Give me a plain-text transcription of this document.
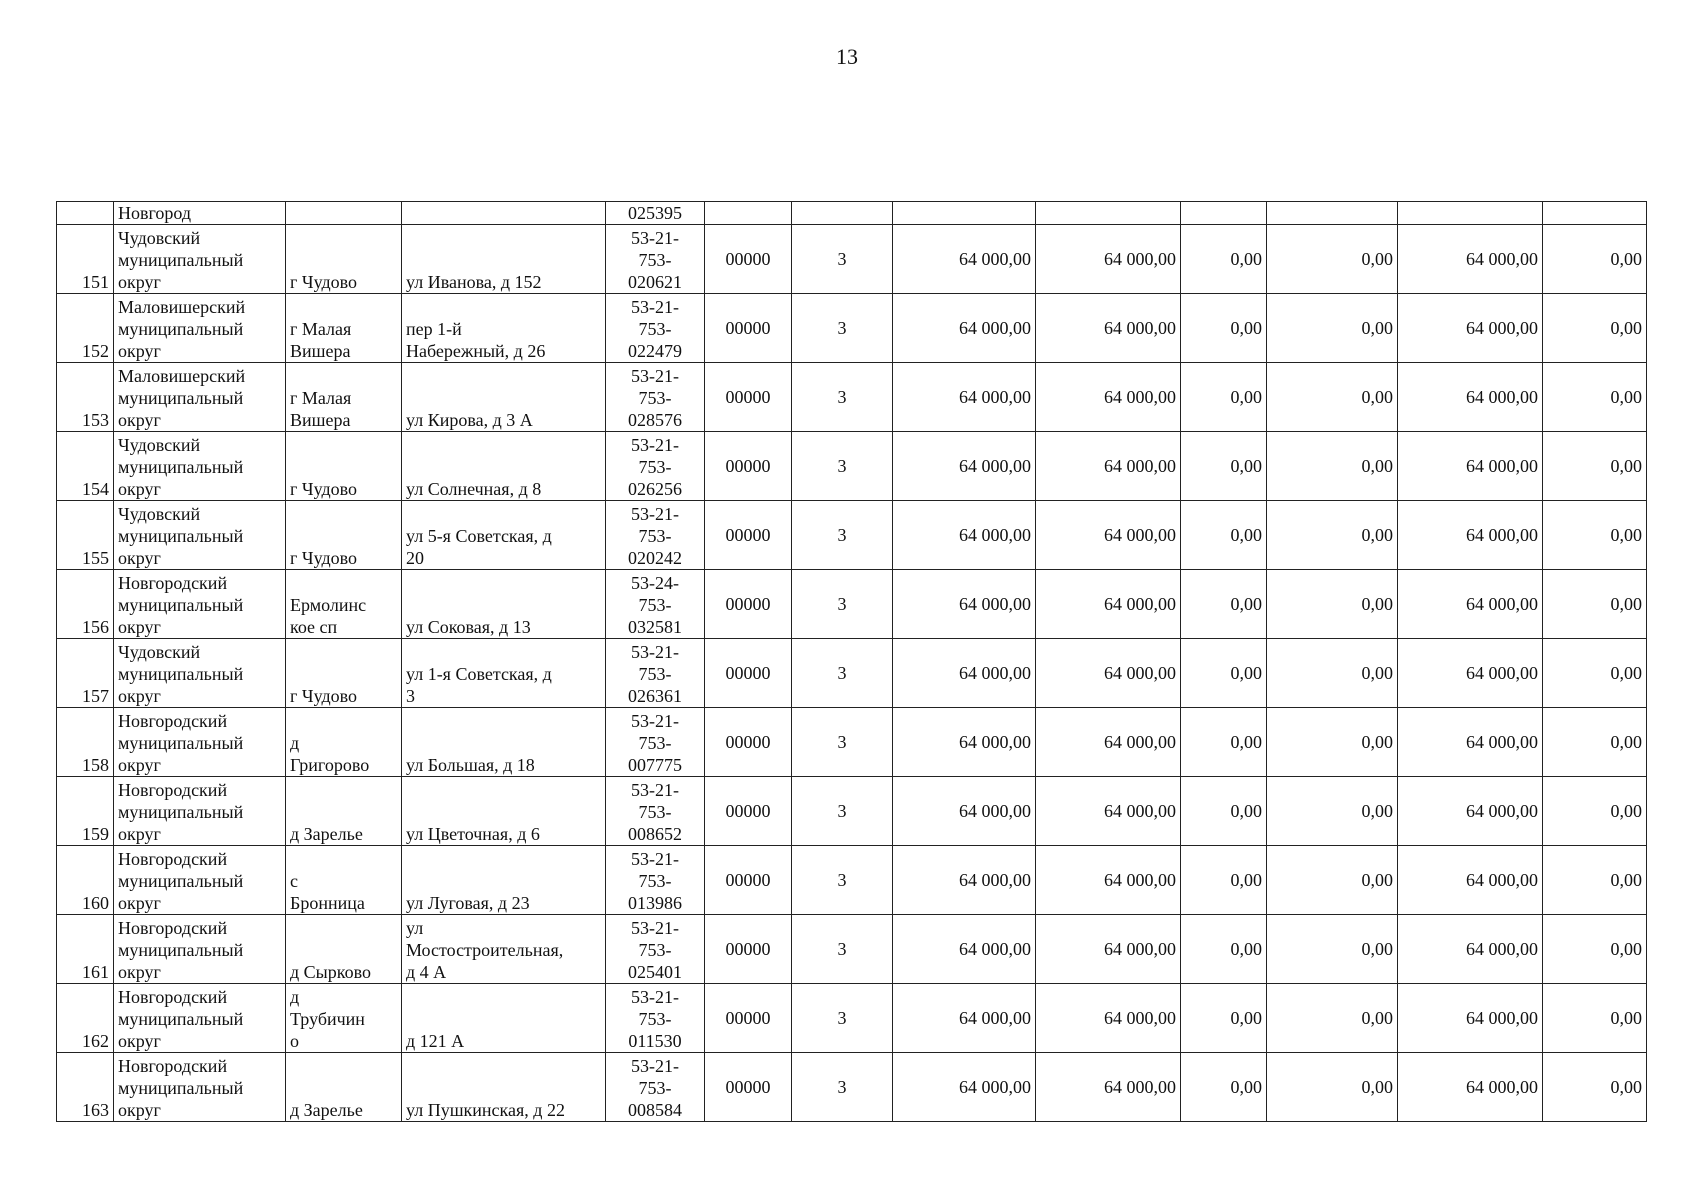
13
	Новгород			025395								
151	Чудовский
муниципальный
округ	г Чудово	ул Иванова, д 152	53-21-
753-
020621	00000	3	64 000,00	64 000,00	0,00	0,00	64 000,00	0,00
152	Маловишерский
муниципальный
округ	г Малая
Вишера	пер 1-й
Набережный, д 26	53-21-
753-
022479	00000	3	64 000,00	64 000,00	0,00	0,00	64 000,00	0,00
153	Маловишерский
муниципальный
округ	г Малая
Вишера	ул Кирова, д 3 А	53-21-
753-
028576	00000	3	64 000,00	64 000,00	0,00	0,00	64 000,00	0,00
154	Чудовский
муниципальный
округ	г Чудово	ул Солнечная, д 8	53-21-
753-
026256	00000	3	64 000,00	64 000,00	0,00	0,00	64 000,00	0,00
155	Чудовский
муниципальный
округ	г Чудово	ул 5-я Советская, д
20	53-21-
753-
020242	00000	3	64 000,00	64 000,00	0,00	0,00	64 000,00	0,00
156	Новгородский
муниципальный
округ	Ермолинс
кое сп	ул Соковая, д 13	53-24-
753-
032581	00000	3	64 000,00	64 000,00	0,00	0,00	64 000,00	0,00
157	Чудовский
муниципальный
округ	г Чудово	ул 1-я Советская, д
3	53-21-
753-
026361	00000	3	64 000,00	64 000,00	0,00	0,00	64 000,00	0,00
158	Новгородский
муниципальный
округ	д
Григорово	ул Большая, д 18	53-21-
753-
007775	00000	3	64 000,00	64 000,00	0,00	0,00	64 000,00	0,00
159	Новгородский
муниципальный
округ	д Зарелье	ул Цветочная, д 6	53-21-
753-
008652	00000	3	64 000,00	64 000,00	0,00	0,00	64 000,00	0,00
160	Новгородский
муниципальный
округ	с
Бронница	ул Луговая, д 23	53-21-
753-
013986	00000	3	64 000,00	64 000,00	0,00	0,00	64 000,00	0,00
161	Новгородский
муниципальный
округ	д Сырково	ул
Мостостроительная,
д 4 А	53-21-
753-
025401	00000	3	64 000,00	64 000,00	0,00	0,00	64 000,00	0,00
162	Новгородский
муниципальный
округ	д
Трубичин
о	д 121 А	53-21-
753-
011530	00000	3	64 000,00	64 000,00	0,00	0,00	64 000,00	0,00
163	Новгородский
муниципальный
округ	д Зарелье	ул Пушкинская, д 22	53-21-
753-
008584	00000	3	64 000,00	64 000,00	0,00	0,00	64 000,00	0,00
